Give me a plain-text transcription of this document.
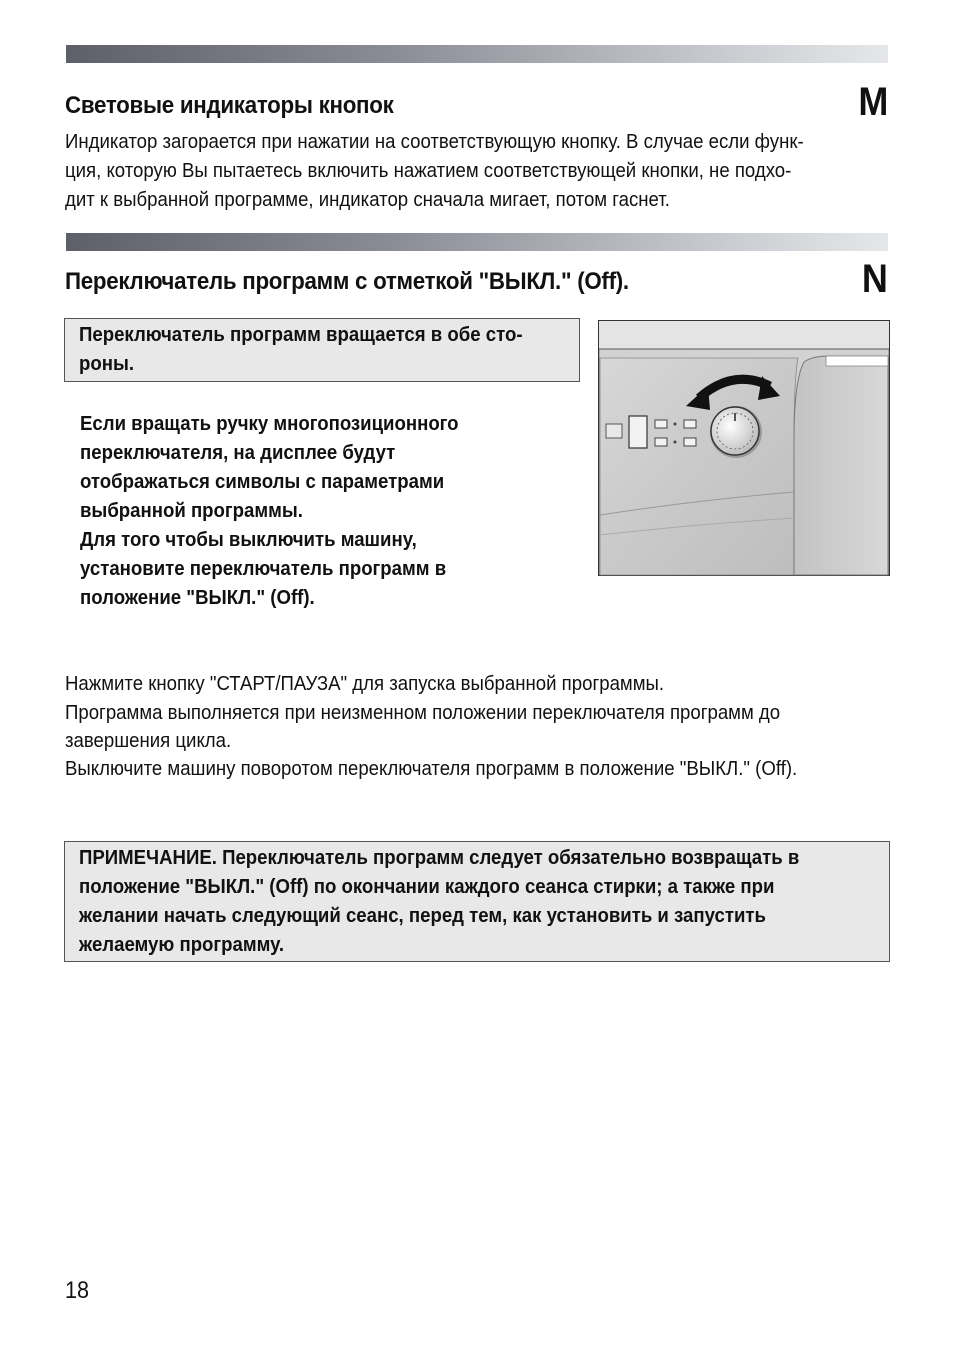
Световые индикаторы кнопок	M

Индикатор загорается при нажатии на соответствующую кнопку. В случае если функ-

ция, которую Вы пытаетесь включить нажатием соответствующей кнопки, не подхо-

дит к выбранной программе, индикатор сначала мигает, потом гаснет.

Переключатель программ с отметкой "ВЫКЛ." (Off).	N

Переключатель программ вращается в обе сто-

роны.

Если вращать ручку многопозиционного

переключателя, на дисплее будут

отображаться символы с параметрами

выбранной программы.

Для того чтобы выключить машину,

установите переключатель программ в

положение "ВЫКЛ." (Off).

Нажмите кнопку "СТАРТ/ПАУЗА" для запуска выбранной программы.

Программа выполняется при неизменном положении переключателя программ до

завершения цикла.

Выключите машину поворотом переключателя программ в положение "ВЫКЛ." (Off).

ПРИМЕЧАНИЕ. Переключатель программ следует обязательно возвращать в

положение "ВЫКЛ." (Off) по окончании каждого сеанса стирки; а также при

желании начать следующий сеанс, перед тем, как установить и запустить

желаемую программу.

18
